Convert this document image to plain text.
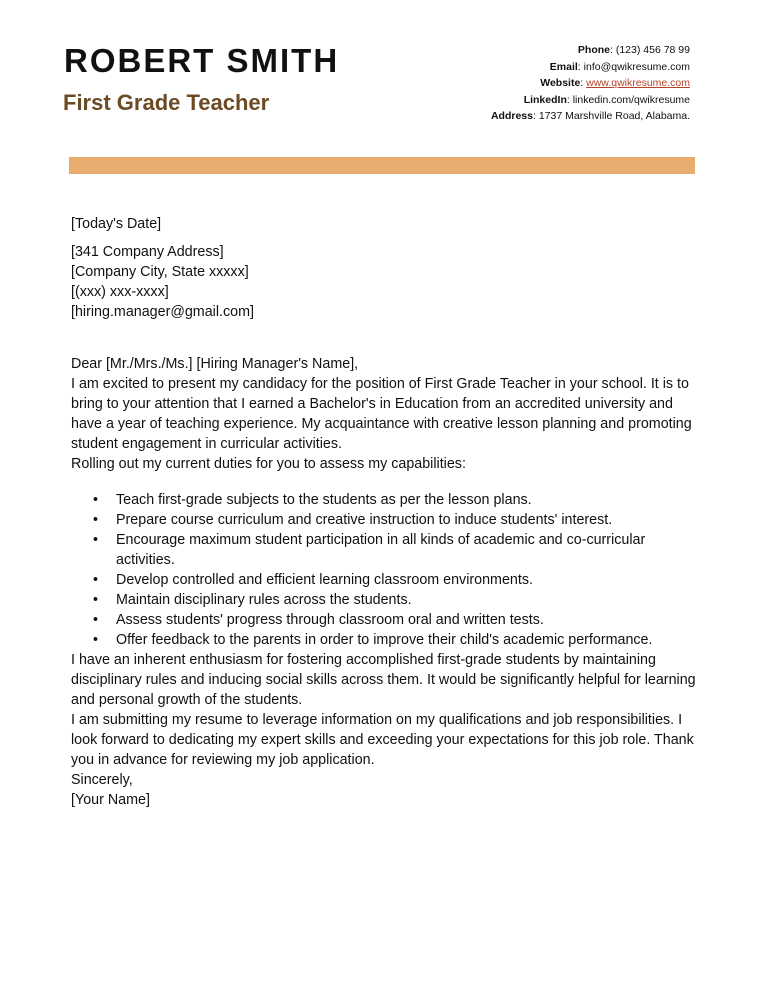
ROBERT SMITH
First Grade Teacher
Phone: (123) 456 78 99
Email: info@qwikresume.com
Website: www.qwikresume.com
LinkedIn: linkedin.com/qwikresume
Address: 1737 Marshville Road, Alabama.

[Today's Date]

[341 Company Address]

[Company City, State xxxxx]

[(xxx) xxx-xxxx]

[hiring.manager@gmail.com]

Dear [Mr./Mrs./Ms.] [Hiring Manager's Name],

I am excited to present my candidacy for the position of First Grade Teacher in your school. It is to bring to your attention that I earned a Bachelor's in Education from an accredited university and have a year of teaching experience. My acquaintance with creative lesson planning and promoting student engagement in curricular activities.

Rolling out my current duties for you to assess my capabilities:

• Teach first-grade subjects to the students as per the lesson plans.
• Prepare course curriculum and creative instruction to induce students' interest.
• Encourage maximum student participation in all kinds of academic and co-curricular activities.
• Develop controlled and efficient learning classroom environments.
• Maintain disciplinary rules across the students.
• Assess students' progress through classroom oral and written tests.
• Offer feedback to the parents in order to improve their child's academic performance.

I have an inherent enthusiasm for fostering accomplished first-grade students by maintaining disciplinary rules and inducing social skills across them. It would be significantly helpful for learning and personal growth of the students.

I am submitting my resume to leverage information on my qualifications and job responsibilities. I look forward to dedicating my expert skills and exceeding your expectations for this job role. Thank you in advance for reviewing my job application.

Sincerely,

[Your Name]
